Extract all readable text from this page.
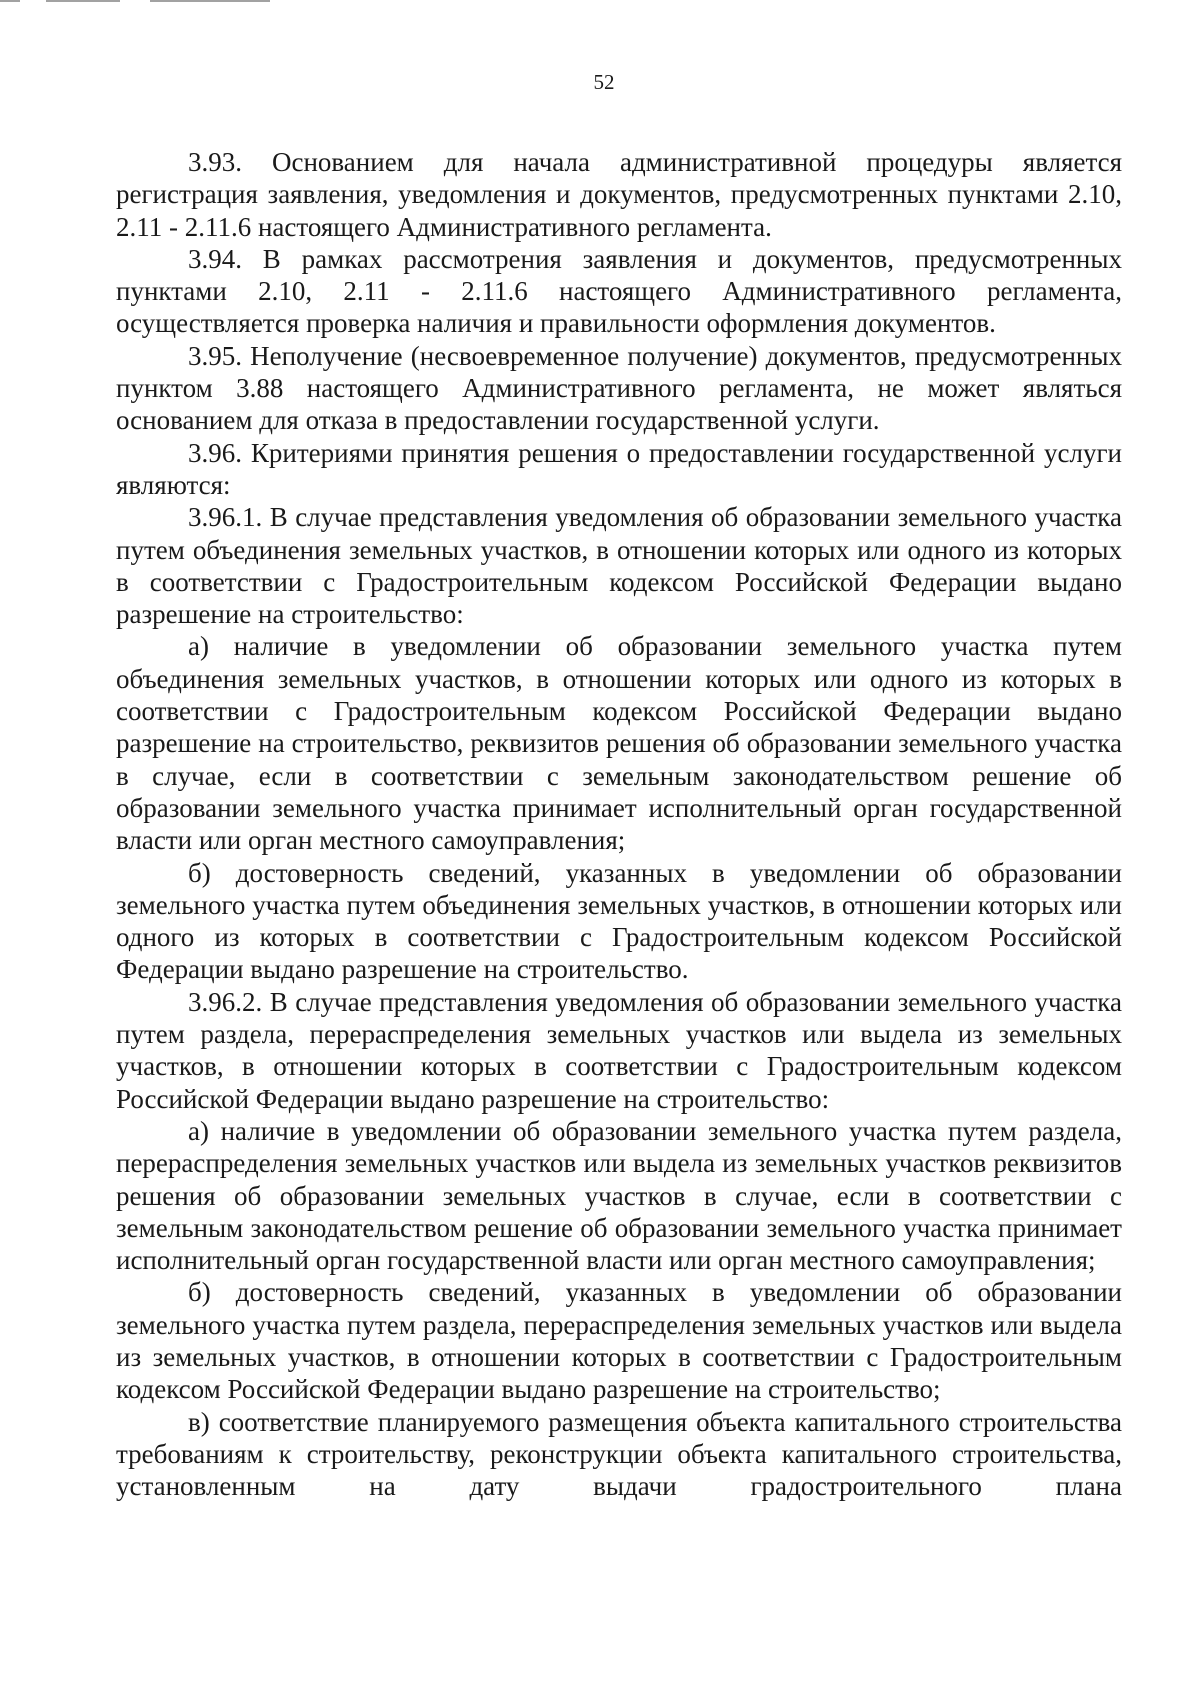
52

3.93. Основанием для начала административной процедуры является регистрация заявления, уведомления и документов, предусмотренных пунктами 2.10, 2.11 - 2.11.6 настоящего Административного регламента.

3.94. В рамках рассмотрения заявления и документов, предусмотренных пунктами 2.10, 2.11 - 2.11.6 настоящего Административного регламента, осуществляется проверка наличия и правильности оформления документов.

3.95. Неполучение (несвоевременное получение) документов, предусмотренных пунктом 3.88 настоящего Административного регламента, не может являться основанием для отказа в предоставлении государственной услуги.

3.96. Критериями принятия решения о предоставлении государственной услуги являются:

3.96.1. В случае представления уведомления об образовании земельного участка путем объединения земельных участков, в отношении которых или одного из которых в соответствии с Градостроительным кодексом Российской Федерации выдано разрешение на строительство:

а) наличие в уведомлении об образовании земельного участка путем объединения земельных участков, в отношении которых или одного из которых в соответствии с Градостроительным кодексом Российской Федерации выдано разрешение на строительство, реквизитов решения об образовании земельного участка в случае, если в соответствии с земельным законодательством решение об образовании земельного участка принимает исполнительный орган государственной власти или орган местного самоуправления;

б) достоверность сведений, указанных в уведомлении об образовании земельного участка путем объединения земельных участков, в отношении которых или одного из которых в соответствии с Градостроительным кодексом Российской Федерации выдано разрешение на строительство.

3.96.2. В случае представления уведомления об образовании земельного участка путем раздела, перераспределения земельных участков или выдела из земельных участков, в отношении которых в соответствии с Градостроительным кодексом Российской Федерации выдано разрешение на строительство:

а) наличие в уведомлении об образовании земельного участка путем раздела, перераспределения земельных участков или выдела из земельных участков реквизитов решения об образовании земельных участков в случае, если в соответствии с земельным законодательством решение об образовании земельного участка принимает исполнительный орган государственной власти или орган местного самоуправления;

б) достоверность сведений, указанных в уведомлении об образовании земельного участка путем раздела, перераспределения земельных участков или выдела из земельных участков, в отношении которых в соответствии с Градостроительным кодексом Российской Федерации выдано разрешение на строительство;

в) соответствие планируемого размещения объекта капитального строительства требованиям к строительству, реконструкции объекта капитального строительства, установленным на дату выдачи градостроительного плана
